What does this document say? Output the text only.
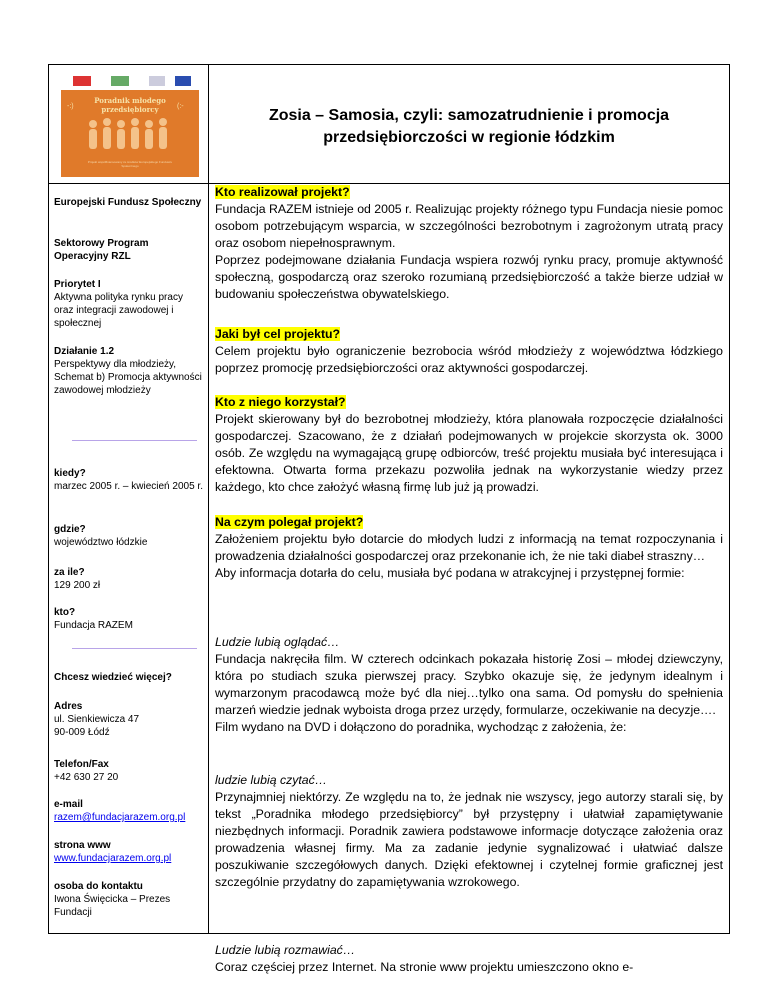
-:)
Poradnik młodego przedsiębiorcy	(:-
Projekt współfinansowany ze środków Europejskiego Funduszu Społecznego
Zosia – Samosia, czyli: samozatrudnienie i promocja przedsiębiorczości w regionie łódzkim
Europejski Fundusz Społeczny
Sektorowy Program Operacyjny RZL
Priorytet I
Aktywna polityka rynku pracy oraz integracji zawodowej i społecznej
Działanie 1.2
Perspektywy dla młodzieży, Schemat b) Promocja aktywności zawodowej młodzieży
kiedy?
marzec 2005 r. – kwiecień 2005 r.
gdzie?
województwo łódzkie
za ile?
129 200 zł
kto?
Fundacja RAZEM
Chcesz wiedzieć więcej?
Adres
ul. Sienkiewicza 47
90-009 Łódź
Telefon/Fax
+42 630 27 20
e-mail
razem@fundacjarazem.org.pl
strona www
www.fundacjarazem.org.pl
osoba do kontaktu
Iwona Święcicka – Prezes Fundacji
Kto realizował projekt?
Fundacja RAZEM istnieje od 2005 r. Realizując projekty różnego typu Fundacja niesie pomoc osobom potrzebującym wsparcia, w szczególności bezrobotnym i zagrożonym utratą pracy oraz osobom niepełnosprawnym.
Poprzez podejmowane działania Fundacja wspiera rozwój rynku pracy, promuje aktywność społeczną, gospodarczą oraz szeroko rozumianą przedsiębiorczość a także bierze udział w budowaniu społeczeństwa obywatelskiego.
Jaki był cel projektu?
Celem projektu było ograniczenie bezrobocia wśród młodzieży z województwa łódzkiego poprzez promocję przedsiębiorczości oraz aktywności gospodarczej.
Kto z niego korzystał?
Projekt skierowany był do bezrobotnej młodzieży, która planowała rozpoczęcie działalności gospodarczej. Szacowano, że z działań podejmowanych w projekcie skorzysta ok. 3000 osób. Ze względu na wymagającą grupę odbiorców, treść projektu musiała być interesująca i efektowna. Otwarta forma przekazu pozwoliła jednak na wykorzystanie wiedzy przez każdego, kto chce założyć własną firmę lub już ją prowadzi.
Na czym polegał projekt?
Założeniem projektu było dotarcie do młodych ludzi z informacją na temat rozpoczynania i prowadzenia działalności gospodarczej oraz przekonanie ich, że nie taki diabeł straszny…
Aby informacja dotarła do celu, musiała być podana w atrakcyjnej i przystępnej formie:
Ludzie lubią oglądać…
Fundacja nakręciła film. W czterech odcinkach pokazała historię Zosi – młodej dziewczyny, która po studiach szuka pierwszej pracy. Szybko okazuje się, że jedynym idealnym i wymarzonym pracodawcą może być dla niej…tylko ona sama. Od pomysłu do spełnienia marzeń wiedzie jednak wyboista droga przez urzędy, formularze, oczekiwanie na decyzje….
Film wydano na DVD i dołączono do poradnika, wychodząc z założenia, że:
ludzie lubią czytać…
Przynajmniej niektórzy. Ze względu na to, że jednak nie wszyscy, jego autorzy starali się, by tekst „Poradnika młodego przedsiębiorcy” był przystępny i ułatwiał zapamiętywanie niezbędnych informacji. Poradnik zawiera podstawowe informacje dotyczące założenia oraz prowadzenia własnej firmy. Ma za zadanie jedynie sygnalizować i ułatwiać dalsze poszukiwanie szczegółowych danych. Dzięki efektownej i czytelnej formie graficznej jest szczególnie przydatny do zapamiętywania wzrokowego.
Ludzie lubią rozmawiać…
Coraz częściej przez Internet. Na stronie www projektu umieszczono okno e-
